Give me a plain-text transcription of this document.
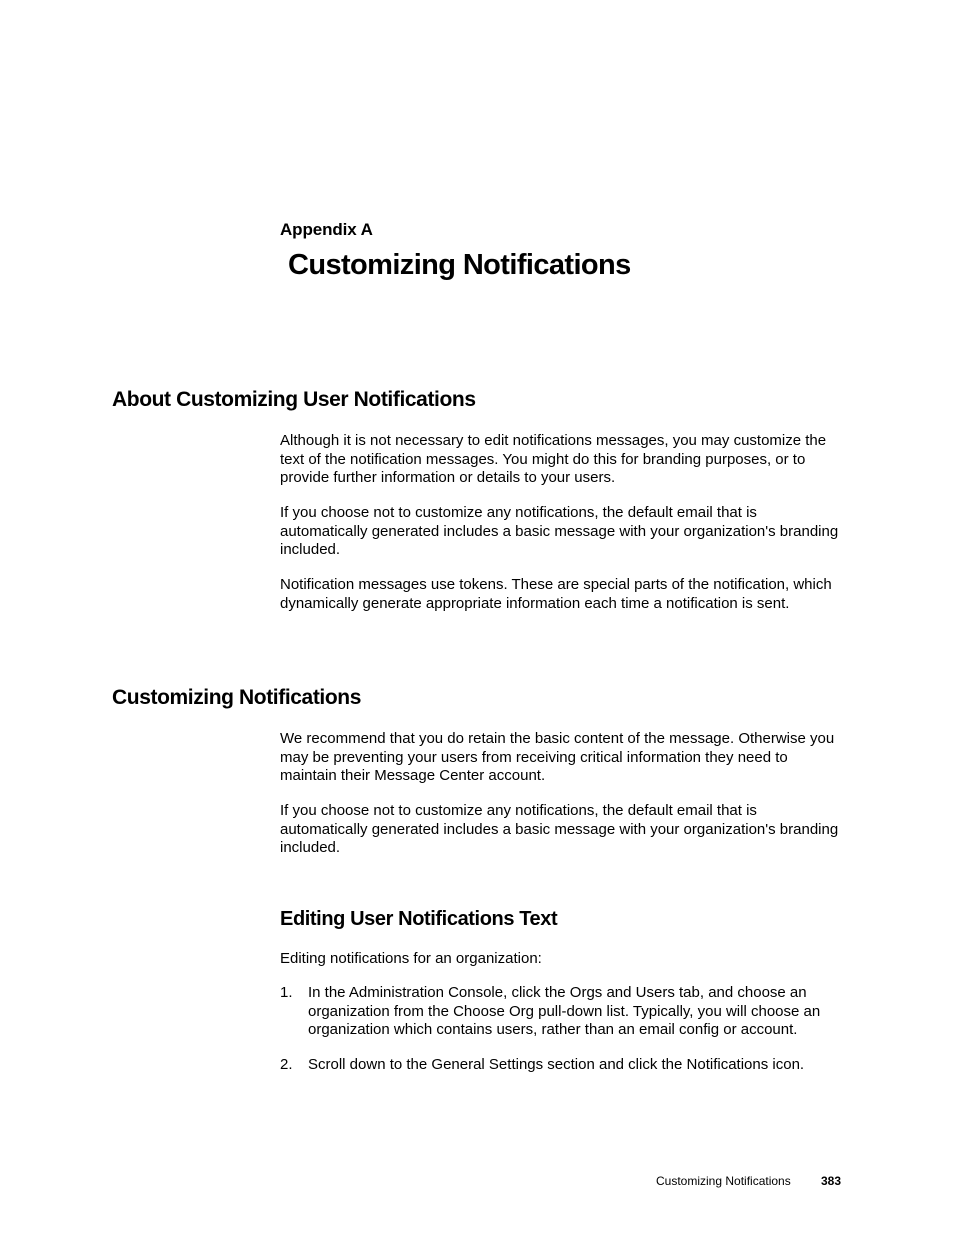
Appendix A
Customizing Notifications
About Customizing User Notifications

Although it is not necessary to edit notifications messages, you may customize the text of the notification messages. You might do this for branding purposes, or to provide further information or details to your users.

If you choose not to customize any notifications, the default email that is automatically generated includes a basic message with your organization's branding included.

Notification messages use tokens. These are special parts of the notification, which dynamically generate appropriate information each time a notification is sent.

Customizing Notifications

We recommend that you do retain the basic content of the message. Otherwise you may be preventing your users from receiving critical information they need to maintain their Message Center account.

If you choose not to customize any notifications, the default email that is automatically generated includes a basic message with your organization's branding included.

Editing User Notifications Text

Editing notifications for an organization:

1. In the Administration Console, click the Orgs and Users tab, and choose an organization from the Choose Org pull-down list. Typically, you will choose an organization which contains users, rather than an email config or account.
2. Scroll down to the General Settings section and click the Notifications icon.
Customizing Notifications	383
